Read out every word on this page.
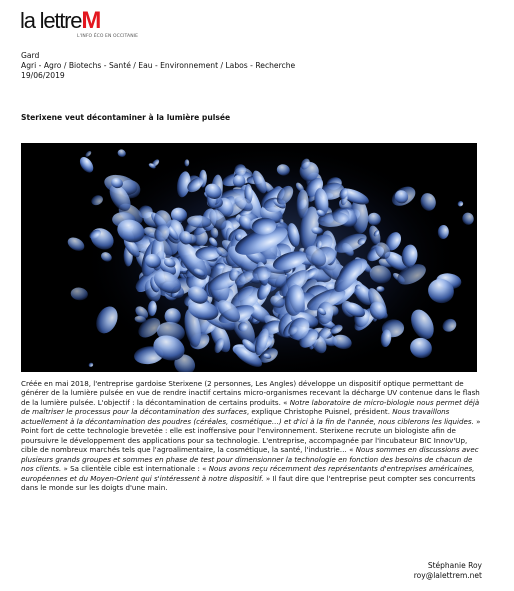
la lettreM
L'INFO ÉCO EN OCCITANIE
Gard
Agri - Agro / Biotechs - Santé / Eau - Environnement / Labos - Recherche
19/06/2019
Sterixene veut décontaminer à la lumière pulsée
Créée en mai 2018, l'entreprise gardoise Sterixene (2 personnes, Les Angles) développe un dispositif optique permettant de générer de la lumière pulsée en vue de rendre inactif certains micro-organismes recevant la décharge UV contenue dans le flash de la lumière pulsée. L'objectif : la décontamination de certains produits. « Notre laboratoire de micro-biologie nous permet déjà de maîtriser le processus pour la décontamination des surfaces, explique Christophe Puisnel, président. Nous travaillons actuellement à la décontamination des poudres (céréales, cosmétique…) et d'ici à la fin de l'année, nous ciblerons les liquides. » Point fort de cette technologie brevetée : elle est inoffensive pour l'environnement. Sterixene recrute un biologiste afin de poursuivre le développement des applications pour sa technologie. L'entreprise, accompagnée par l'incubateur BIC Innov'Up, cible de nombreux marchés tels que l'agroalimentaire, la cosmétique, la santé, l'industrie… « Nous sommes en discussions avec plusieurs grands groupes et sommes en phase de test pour dimensionner la technologie en fonction des besoins de chacun de nos clients. » Sa clientèle cible est internationale : « Nous avons reçu récemment des représentants d'entreprises américaines, européennes et du Moyen-Orient qui s'intéressent à notre dispositif. » Il faut dire que l'entreprise peut compter ses concurrents dans le monde sur les doigts d'une main.
Stéphanie Roy
roy@lalettrem.net
